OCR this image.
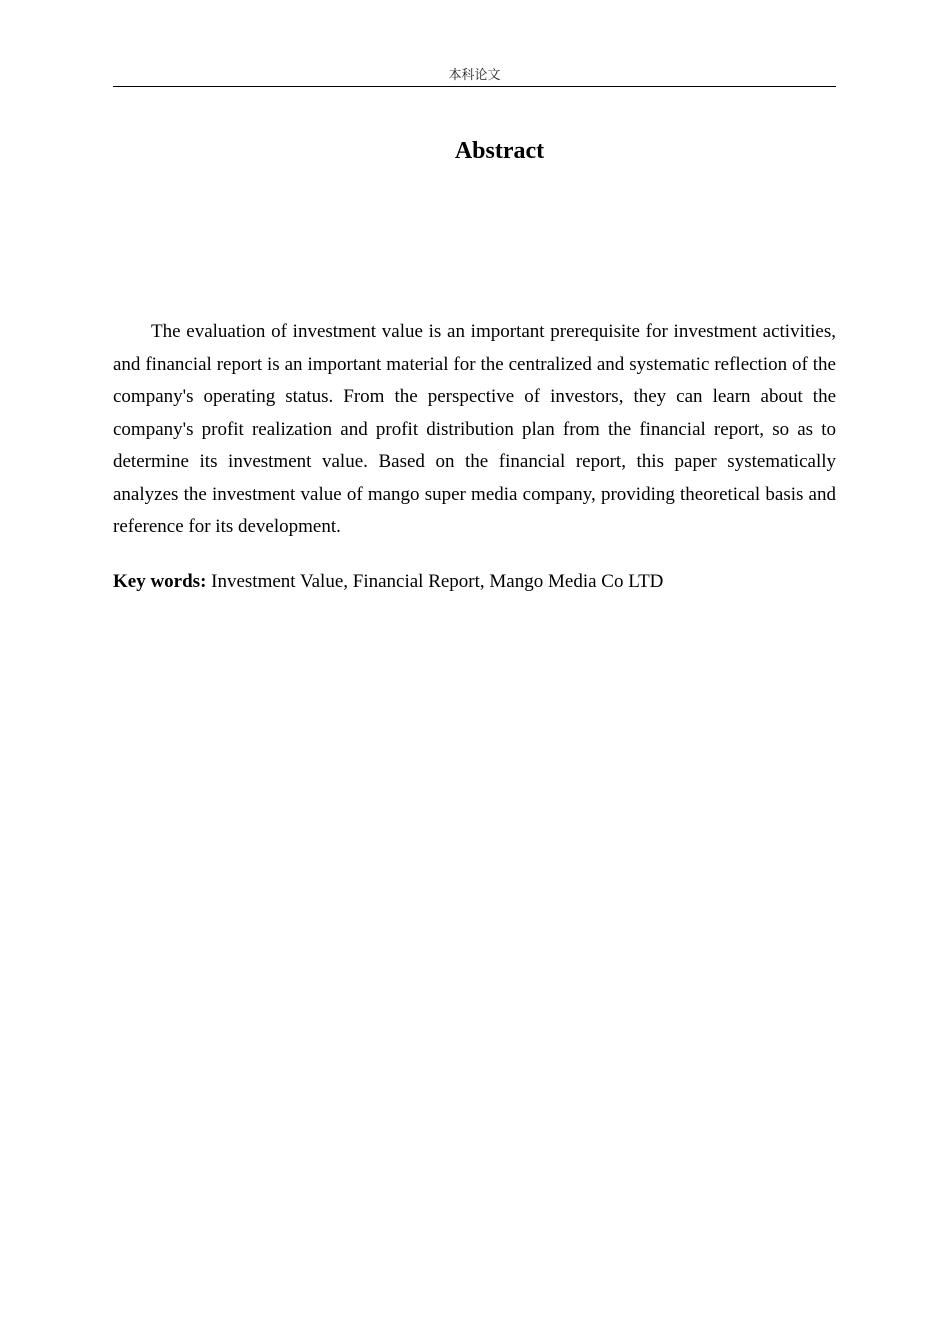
本科论文
Abstract

The evaluation of investment value is an important prerequisite for investment activities, and financial report is an important material for the centralized and systematic reflection of the company's operating status. From the perspective of investors, they can learn about the company's profit realization and profit distribution plan from the financial report, so as to determine its investment value. Based on the financial report, this paper systematically analyzes the investment value of mango super media company, providing theoretical basis and reference for its development.

Key words: Investment Value, Financial Report, Mango Media Co LTD
